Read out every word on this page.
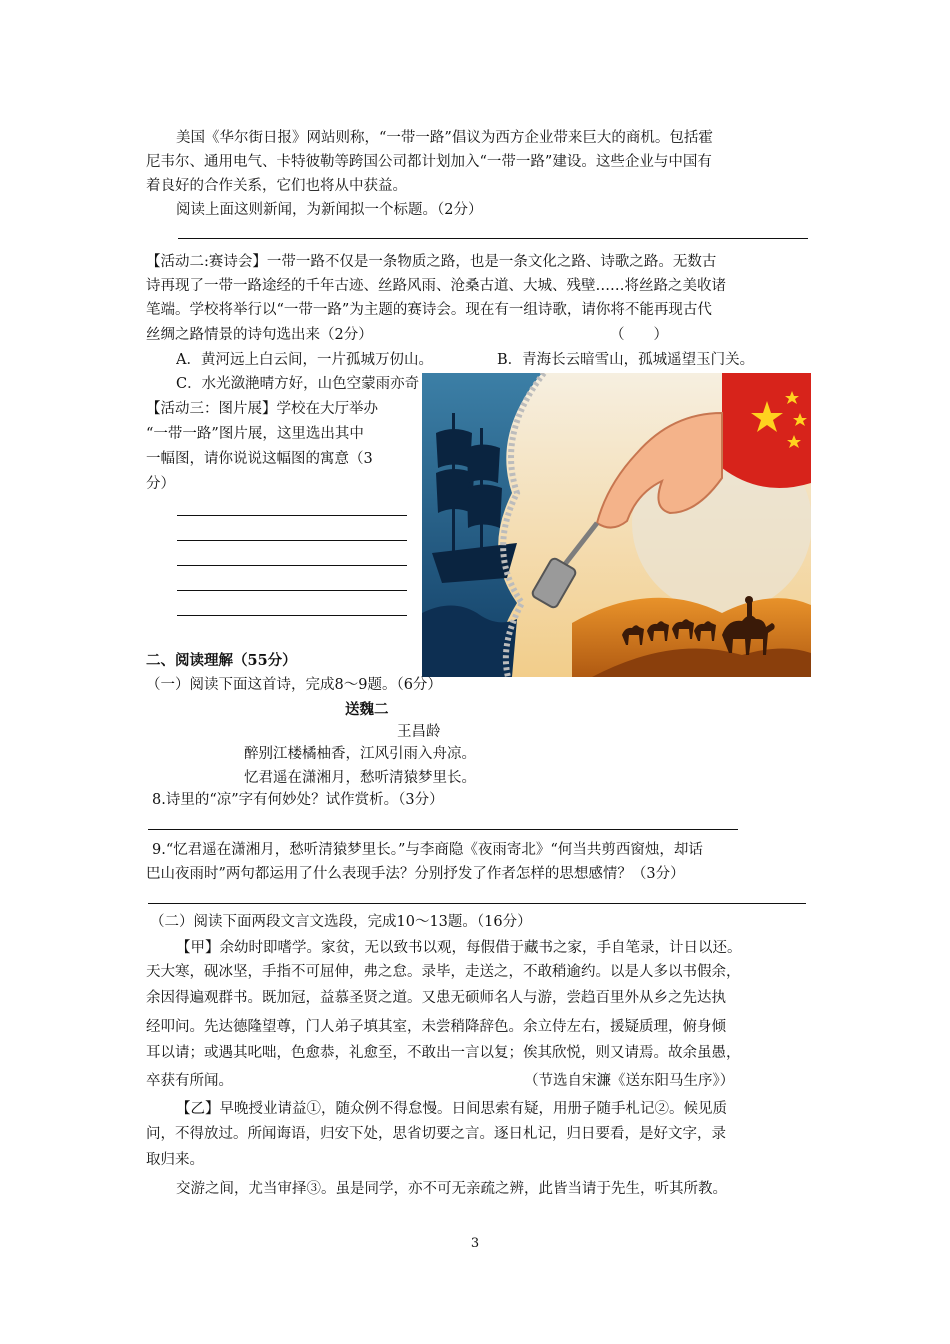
美国《华尔街日报》网站则称，“一带一路”倡议为西方企业带来巨大的商机。包括霍
尼韦尔、通用电气、卡特彼勒等跨国公司都计划加入“一带一路”建设。这些企业与中国有
着良好的合作关系，它们也将从中获益。
阅读上面这则新闻，为新闻拟一个标题。（2分）
【活动二:赛诗会】一带一路不仅是一条物质之路，也是一条文化之路、诗歌之路。无数古
诗再现了一带一路途经的千年古迹、丝路风雨、沧桑古道、大城、残壁……将丝路之美收诸
笔端。学校将举行以“一带一路”为主题的赛诗会。现在有一组诗歌，请你将不能再现古代
丝绸之路情景的诗句选出来（2分）	（　　）
A．黄河远上白云间，一片孤城万仞山。	B．青海长云暗雪山，孤城遥望玉门关。
C．水光潋滟晴方好，山色空蒙雨亦奇
【活动三：图片展】学校在大厅举办
“一带一路”图片展，这里选出其中
一幅图，请你说说这幅图的寓意（3
分）
二、阅读理解（55分）
（一）阅读下面这首诗，完成8～9题。（6分）
送魏二
王昌龄
醉别江楼橘柚香，江风引雨入舟凉。
忆君遥在潇湘月，愁听清猿梦里长。
8.诗里的“凉”字有何妙处？试作赏析。（3分）
9.“忆君遥在潇湘月，愁听清猿梦里长。”与李商隐《夜雨寄北》“何当共剪西窗烛，却话
巴山夜雨时”两句都运用了什么表现手法？分别抒发了作者怎样的思想感情？（3分）
（二）阅读下面两段文言文选段，完成10～13题。（16分）
【甲】余幼时即嗜学。家贫，无以致书以观，每假借于藏书之家，手自笔录，计日以还。
天大寒，砚冰坚，手指不可屈伸，弗之怠。录毕，走送之，不敢稍逾约。以是人多以书假余，
余因得遍观群书。既加冠，益慕圣贤之道。又患无硕师名人与游，尝趋百里外从乡之先达执
经叩问。先达德隆望尊，门人弟子填其室，未尝稍降辞色。余立侍左右，援疑质理，俯身倾
耳以请；或遇其叱咄，色愈恭，礼愈至，不敢出一言以复；俟其欣悦，则又请焉。故余虽愚，
卒获有所闻。	（节选自宋濂《送东阳马生序》）
【乙】早晚授业请益①，随众例不得怠慢。日间思索有疑，用册子随手札记②。候见质
问，不得放过。所闻诲语，归安下处，思省切要之言。逐日札记，归日要看，是好文字，录
取归来。
交游之间，尤当审择③。虽是同学，亦不可无亲疏之辨，此皆当请于先生，听其所教。
3
